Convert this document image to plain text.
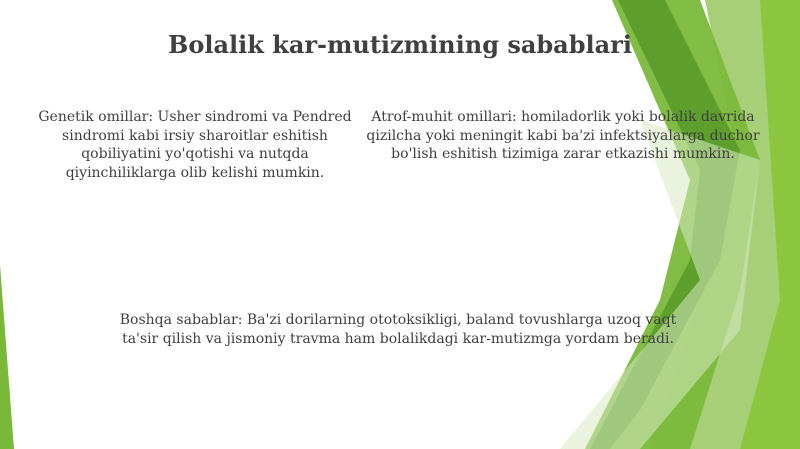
Bolalik kar-mutizmining sabablari

Genetik omillar: Usher sindromi va Pendred sindromi kabi irsiy sharoitlar eshitish qobiliyatini yo'qotishi va nutqda qiyinchiliklarga olib kelishi mumkin.

Atrof-muhit omillari: homiladorlik yoki bolalik davrida qizilcha yoki meningit kabi ba'zi infektsiyalarga duchor bo'lish eshitish tizimiga zarar etkazishi mumkin.

Boshqa sabablar: Ba'zi dorilarning ototoksikligi, baland tovushlarga uzoq vaqt ta'sir qilish va jismoniy travma ham bolalikdagi kar-mutizmga yordam beradi.
